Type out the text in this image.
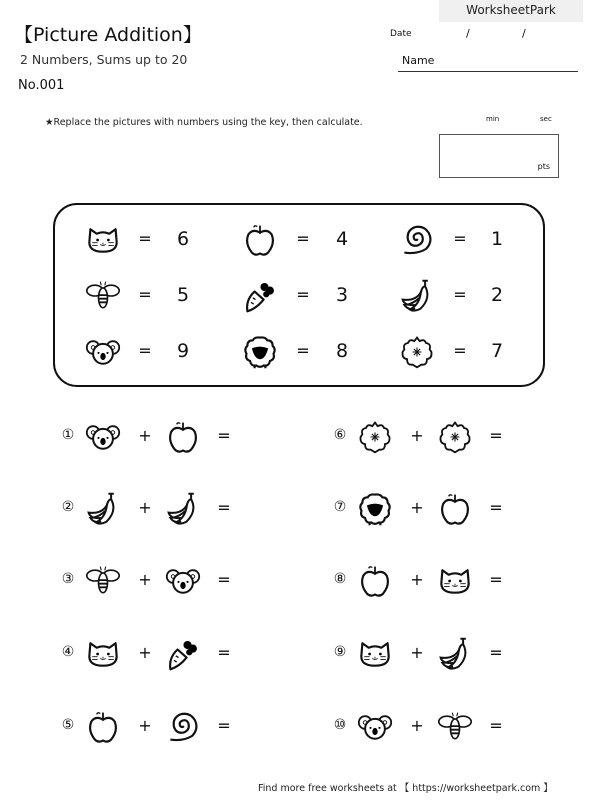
WorksheetPark
【Picture Addition】
2 Numbers, Sums up to 20
No.001
Date	/	/
Name
★Replace the pictures with numbers using the key, then calculate.	min	sec
pts
Find more free worksheets at 【 https://worksheetpark.com 】
=	6	=	4	=	1
=	5	=	3	=	2
=	9	=	8	=	7
①	+	=
②	+	=
③	+	=
④	+	=
⑤	+	=
⑥	+	=
⑦	+	=
⑧	+	=
⑨	+	=
⑩	+	=
